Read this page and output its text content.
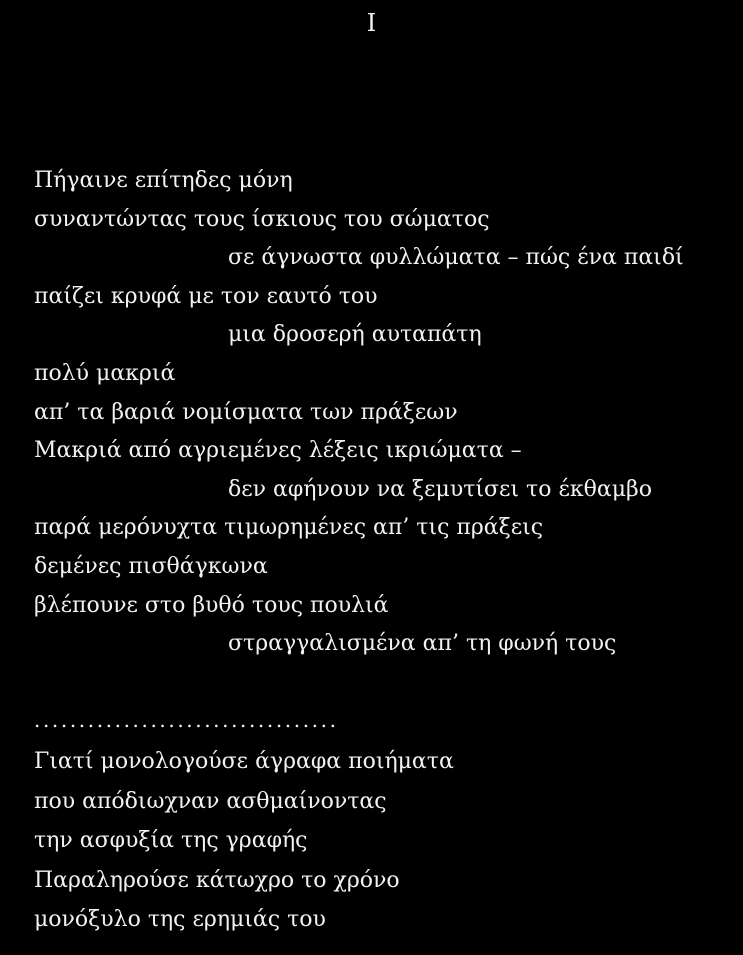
I
Πήγαινε επίτηδες μόνη
συναντώντας τους ίσκιους του σώματος
σε άγνωστα φυλλώματα – πώς ένα παιδί
παίζει κρυφά με τον εαυτό του
μια δροσερή αυταπάτη
πολύ μακριά
απ’ τα βαριά νομίσματα των πράξεων
Μακριά από αγριεμένες λέξεις ικριώματα –
δεν αφήνουν να ξεμυτίσει το έκθαμβο
παρά μερόνυχτα τιμωρημένες απ’ τις πράξεις
δεμένες πισθάγκωνα
βλέπουνε στο βυθό τους πουλιά
στραγγαλισμένα απ’ τη φωνή τους
..................................
Γιατί μονολογούσε άγραφα ποιήματα
που απόδιωχναν ασθμαίνοντας
την ασφυξία της γραφής
Παραληρούσε κάτωχρο το χρόνο
μονόξυλο της ερημιάς του
